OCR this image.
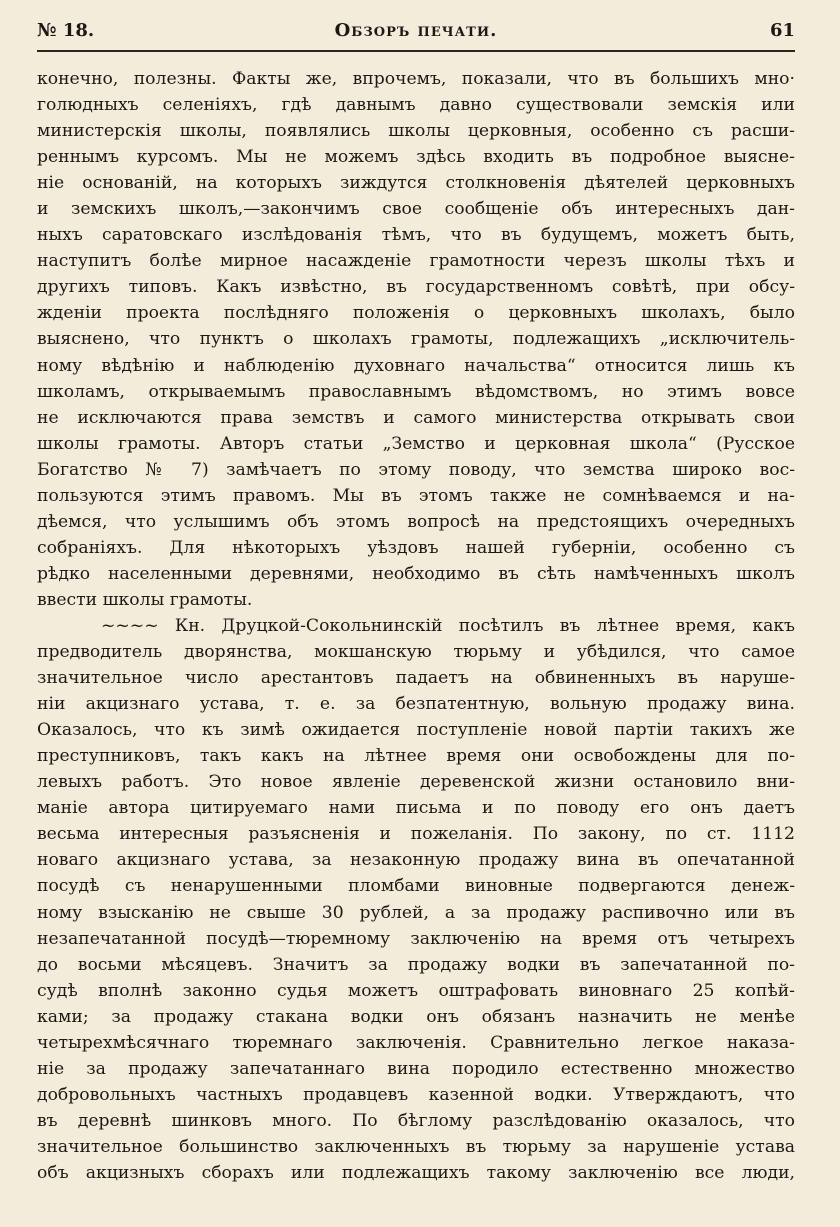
№ 18.	Обзоръ печати.	61
конечно, полезны. Факты же, впрочемъ, показали, что въ большихъ мно·
голюдныхъ селеніяхъ, гдѣ давнымъ давно существовали земскія или
министерскія школы, появлялись школы церковныя, особенно съ расши-
реннымъ курсомъ. Мы не можемъ здѣсь входить въ подробное выясне-
ніе основаній, на которыхъ зиждутся столкновенія дѣятелей церковныхъ
и земскихъ школъ,—закончимъ свое сообщеніе объ интересныхъ дан-
ныхъ саратовскаго изслѣдованія тѣмъ, что въ будущемъ, можетъ быть,
наступитъ болѣе мирное насажденіе грамотности черезъ школы тѣхъ и
другихъ типовъ. Какъ извѣстно, въ государственномъ совѣтѣ, при обсу-
жденіи проекта послѣдняго положенія о церковныхъ школахъ, было
выяснено, что пунктъ о школахъ грамоты, подлежащихъ „исключитель-
ному вѣдѣнію и наблюденію духовнаго начальства“ относится лишь къ
школамъ, открываемымъ православнымъ вѣдомствомъ, но этимъ вовсе
не исключаются права земствъ и самого министерства открывать свои
школы грамоты. Авторъ статьи „Земство и церковная школа“ (Русское
Богатство № 7) замѣчаетъ по этому поводу, что земства широко вос-
пользуются этимъ правомъ. Мы въ этомъ также не сомнѣваемся и на-
дѣемся, что услышимъ объ этомъ вопросѣ на предстоящихъ очередныхъ
собраніяхъ. Для нѣкоторыхъ уѣздовъ нашей губерніи, особенно съ
рѣдко населенными деревнями, необходимо въ сѣть намѣченныхъ школъ
ввести школы грамоты.
~~~~ Кн. Друцкой-Сокольнинскій посѣтилъ въ лѣтнее время, какъ
предводитель дворянства, мокшанскую тюрьму и убѣдился, что самое
значительное число арестантовъ падаетъ на обвиненныхъ въ наруше-
ніи акцизнаго устава, т. е. за безпатентную, вольную продажу вина.
Оказалось, что къ зимѣ ожидается поступленіе новой партіи такихъ же
преступниковъ, такъ какъ на лѣтнее время они освобождены для по-
левыхъ работъ. Это новое явленіе деревенской жизни остановило вни-
маніе автора цитируемаго нами письма и по поводу его онъ даетъ
весьма интересныя разъясненія и пожеланія. По закону, по ст. 1112
новаго акцизнаго устава, за незаконную продажу вина въ опечатанной
посудѣ съ ненарушенными пломбами виновные подвергаются денеж-
ному взысканію не свыше 30 рублей, а за продажу распивочно или въ
незапечатанной посудѣ—тюремному заключенію на время отъ четырехъ
до восьми мѣсяцевъ. Значитъ за продажу водки въ запечатанной по-
судѣ вполнѣ законно судья можетъ оштрафовать виновнаго 25 копѣй-
ками; за продажу стакана водки онъ обязанъ назначить не менѣе
четырехмѣсячнаго тюремнаго заключенія. Сравнительно легкое наказа-
ніе за продажу запечатаннаго вина породило естественно множество
добровольныхъ частныхъ продавцевъ казенной водки. Утверждаютъ, что
въ деревнѣ шинковъ много. По бѣглому разслѣдованію оказалось, что
значительное большинство заключенныхъ въ тюрьму за нарушеніе устава
объ акцизныхъ сборахъ или подлежащихъ такому заключенію все люди,
